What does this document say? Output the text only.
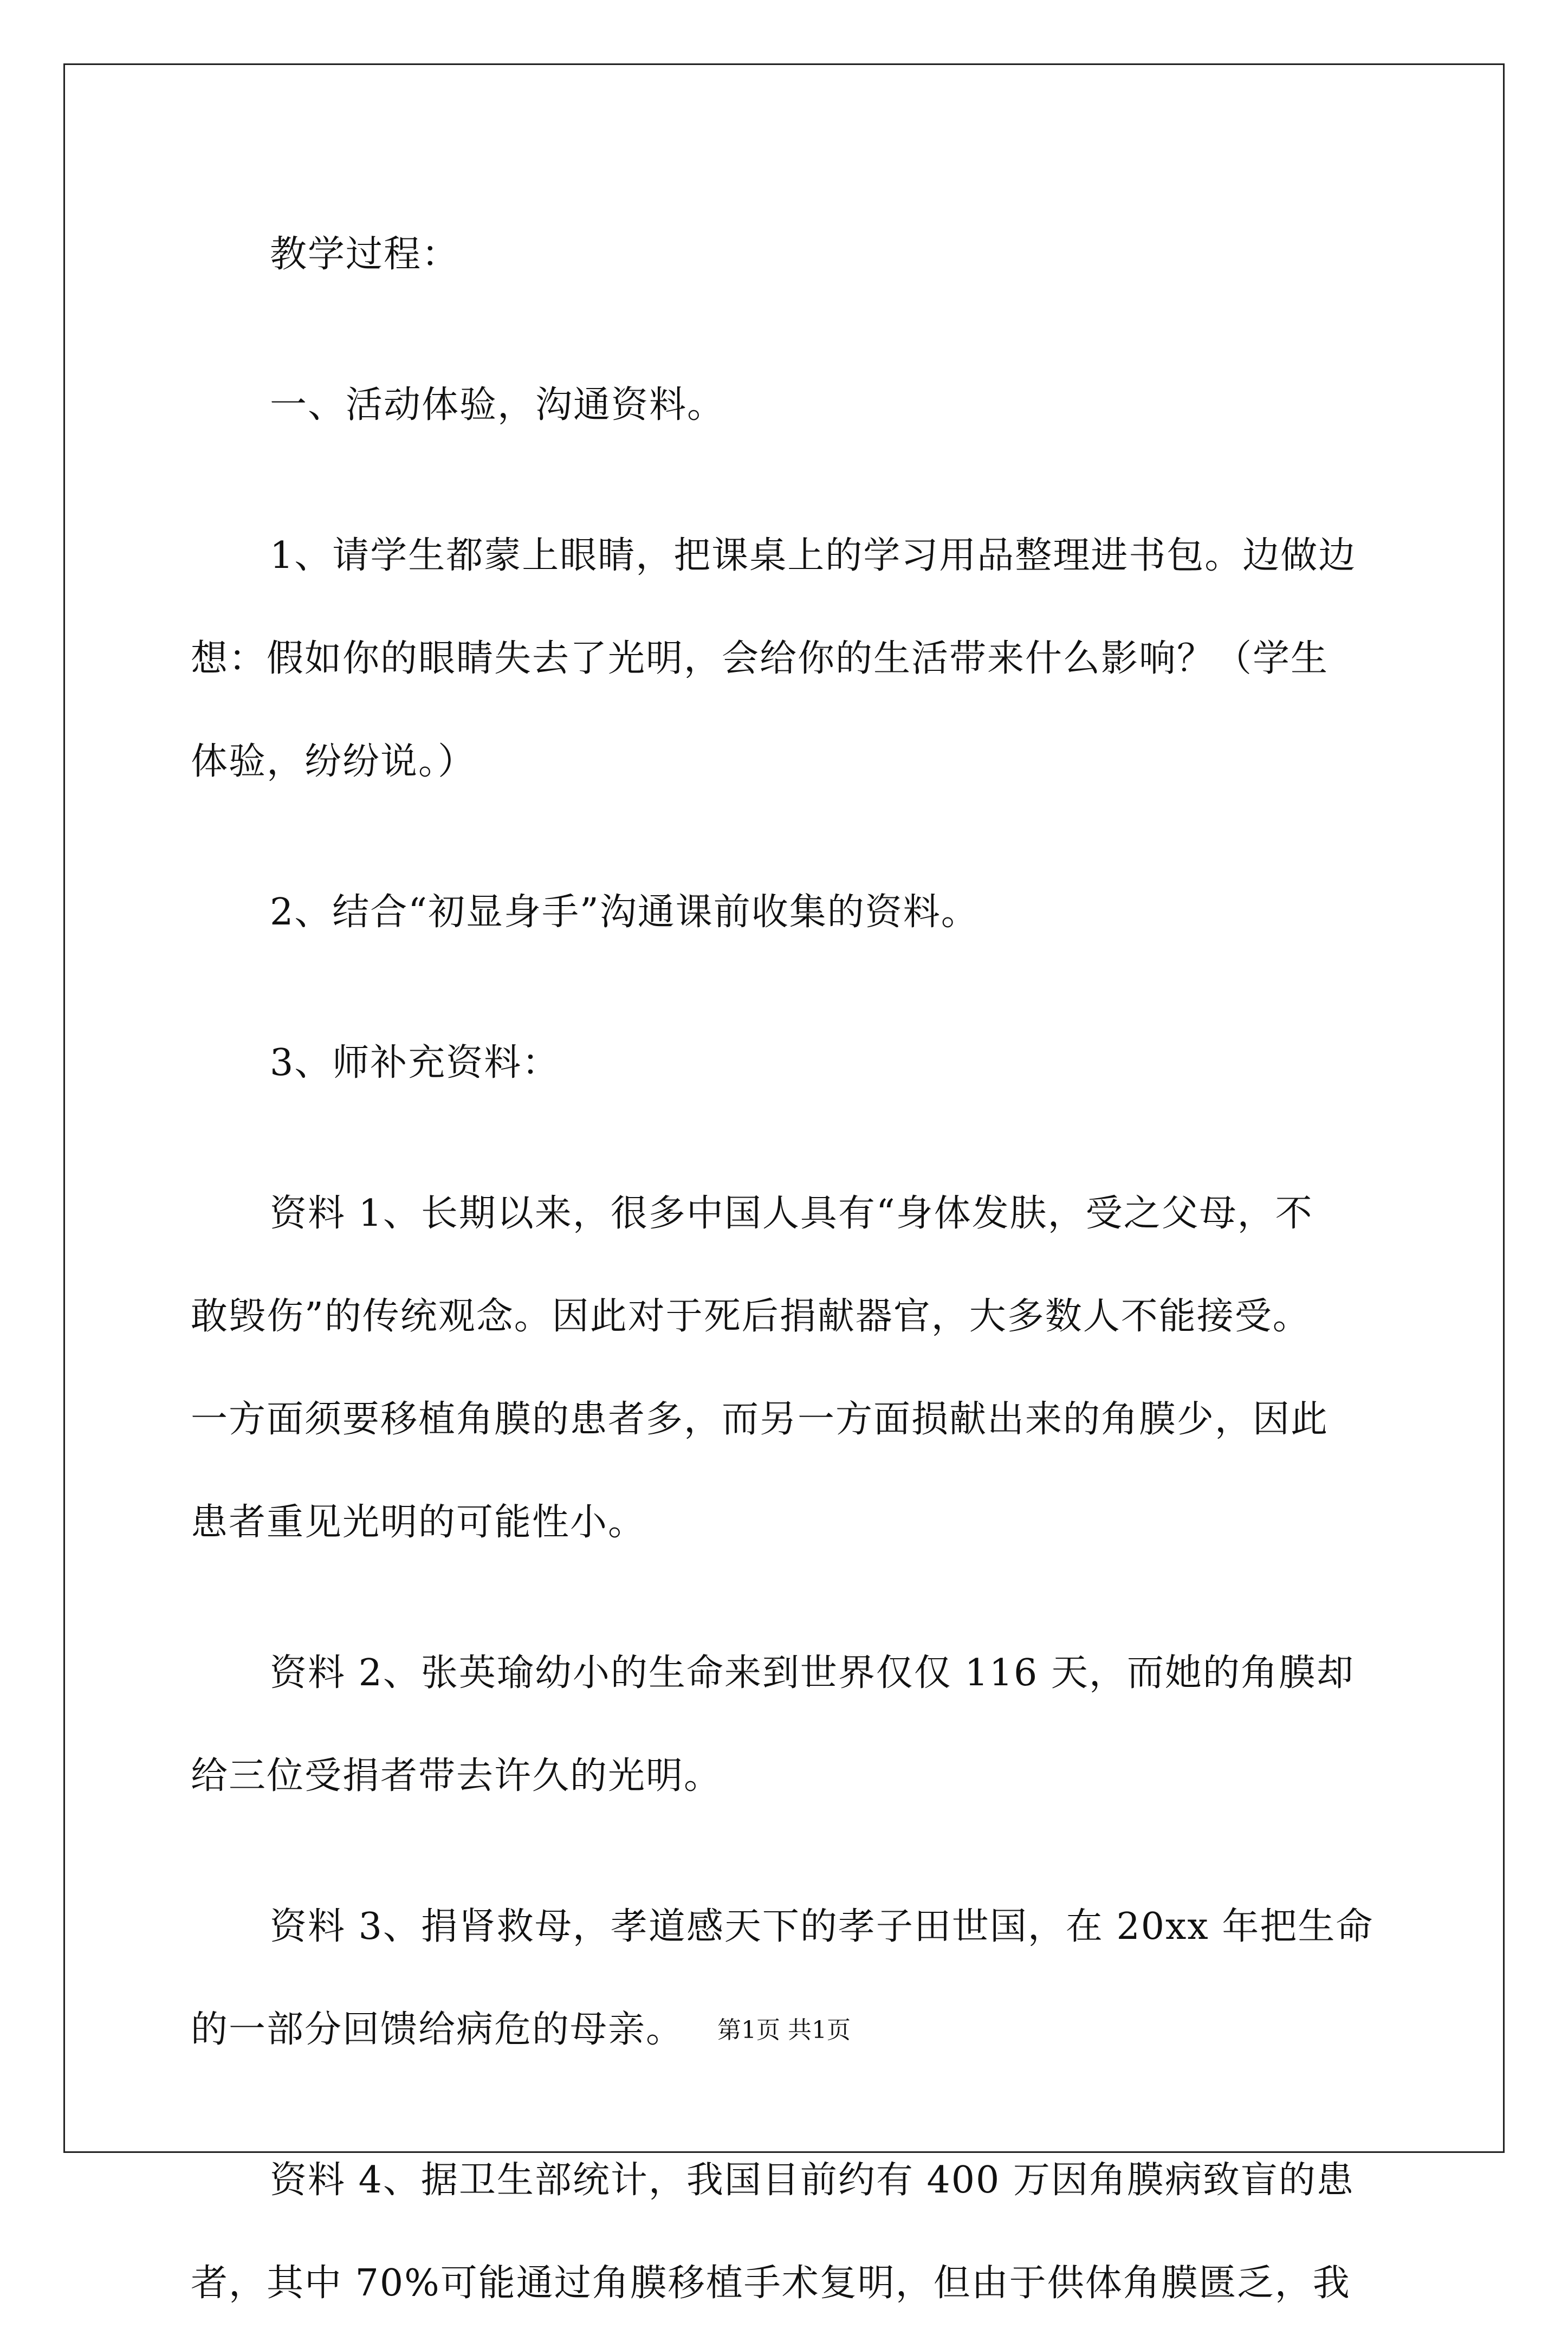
教学过程：
一、活动体验，沟通资料。
1、请学生都蒙上眼睛，把课桌上的学习用品整理进书包。边做边
想：假如你的眼睛失去了光明，会给你的生活带来什么影响？（学生
体验，纷纷说。）
2、结合“初显身手”沟通课前收集的资料。
3、师补充资料：
资料 1、长期以来，很多中国人具有“身体发肤，受之父母，不
敢毁伤”的传统观念。因此对于死后捐献器官，大多数人不能接受。
一方面须要移植角膜的患者多，而另一方面损献出来的角膜少，因此
患者重见光明的可能性小。
资料 2、张英瑜幼小的生命来到世界仅仅 116 天，而她的角膜却
给三位受捐者带去许久的光明。
资料 3、捐肾救母，孝道感天下的孝子田世国，在 20xx 年把生命
的一部分回馈给病危的母亲。
资料 4、据卫生部统计，我国目前约有 400 万因角膜病致盲的患
者，其中 70%可能通过角膜移植手术复明，但由于供体角膜匮乏，我
第1页 共1页
